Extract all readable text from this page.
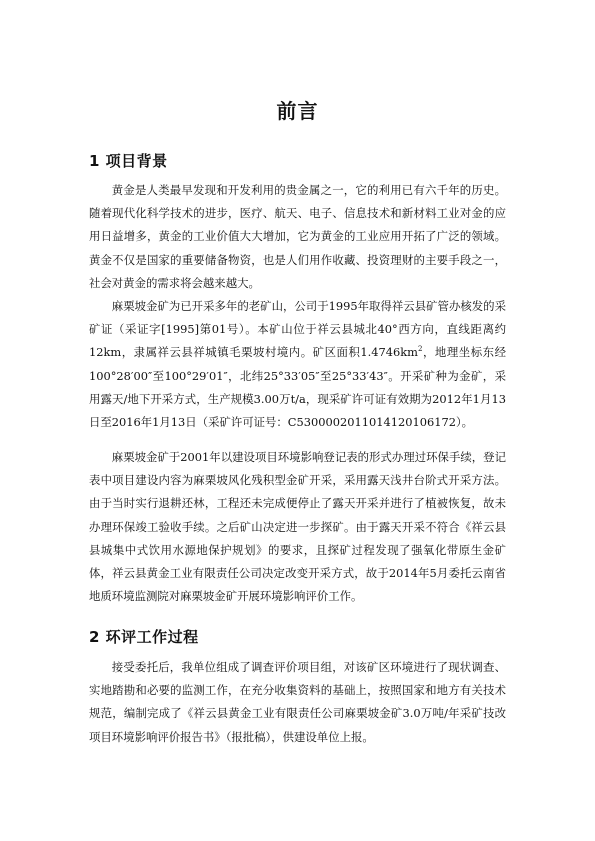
前言
1 项目背景

黄金是人类最早发现和开发利用的贵金属之一，它的利用已有六千年的历史。随着现代化科学技术的进步，医疗、航天、电子、信息技术和新材料工业对金的应用日益增多，黄金的工业价值大大增加，它为黄金的工业应用开拓了广泛的领域。黄金不仅是国家的重要储备物资，也是人们用作收藏、投资理财的主要手段之一，社会对黄金的需求将会越来越大。

麻栗坡金矿为已开采多年的老矿山，公司于1995年取得祥云县矿管办核发的采矿证（采证字[1995]第01号）。本矿山位于祥云县城北40°西方向，直线距离约12km，隶属祥云县祥城镇毛栗坡村境内。矿区面积$1.4746km^2$，地理坐标东经100°28′00″至100°29′01″，北纬25°33′05″至25°33′43″。开采矿种为金矿，采用露天/地下开采方式，生产规模3.00万t/a，现采矿许可证有效期为2012年1月13日至2016年1月13日（采矿许可证号：C5300002011014120106172）。

麻栗坡金矿于2001年以建设项目环境影响登记表的形式办理过环保手续，登记表中项目建设内容为麻栗坡风化残积型金矿开采，采用露天浅井台阶式开采方法。由于当时实行退耕还林，工程还未完成便停止了露天开采并进行了植被恢复，故未办理环保竣工验收手续。之后矿山决定进一步探矿。由于露天开采不符合《祥云县县城集中式饮用水源地保护规划》的要求，且探矿过程发现了强氧化带原生金矿体，祥云县黄金工业有限责任公司决定改变开采方式，故于2014年5月委托云南省地质环境监测院对麻栗坡金矿开展环境影响评价工作。

2 环评工作过程

接受委托后，我单位组成了调查评价项目组，对该矿区环境进行了现状调查、实地踏勘和必要的监测工作，在充分收集资料的基础上，按照国家和地方有关技术规范，编制完成了《祥云县黄金工业有限责任公司麻栗坡金矿3.0万吨/年采矿技改项目环境影响评价报告书》（报批稿），供建设单位上报。
